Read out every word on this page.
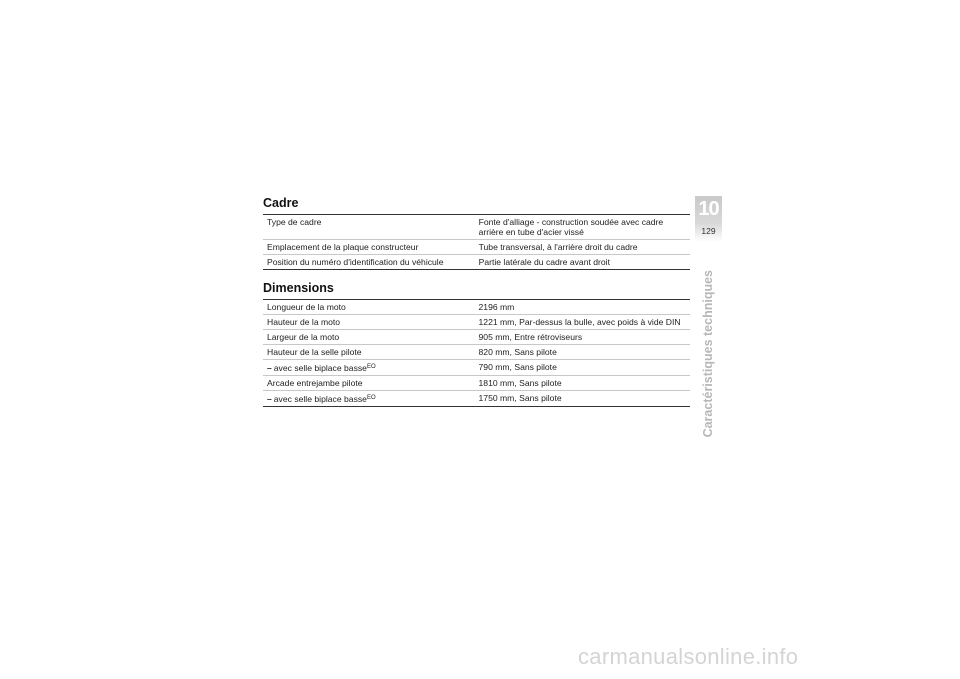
Cadre
Type de cadre	Fonte d'alliage - construction soudée avec cadre arrière en tube d'acier vissé
Emplacement de la plaque constructeur	Tube transversal, à l'arrière droit du cadre
Position du numéro d'identification du véhicule	Partie latérale du cadre avant droit
Dimensions
Longueur de la moto	2196 mm
Hauteur de la moto	1221 mm, Par-dessus la bulle, avec poids à vide DIN
Largeur de la moto	905 mm, Entre rétroviseurs
Hauteur de la selle pilote	820 mm, Sans pilote
– avec selle biplace basse$^{EO}$	790 mm, Sans pilote
Arcade entrejambe pilote	1810 mm, Sans pilote
– avec selle biplace basse$^{EO}$	1750 mm, Sans pilote
10
129
Caractéristiques techniques
carmanualsonline.info
